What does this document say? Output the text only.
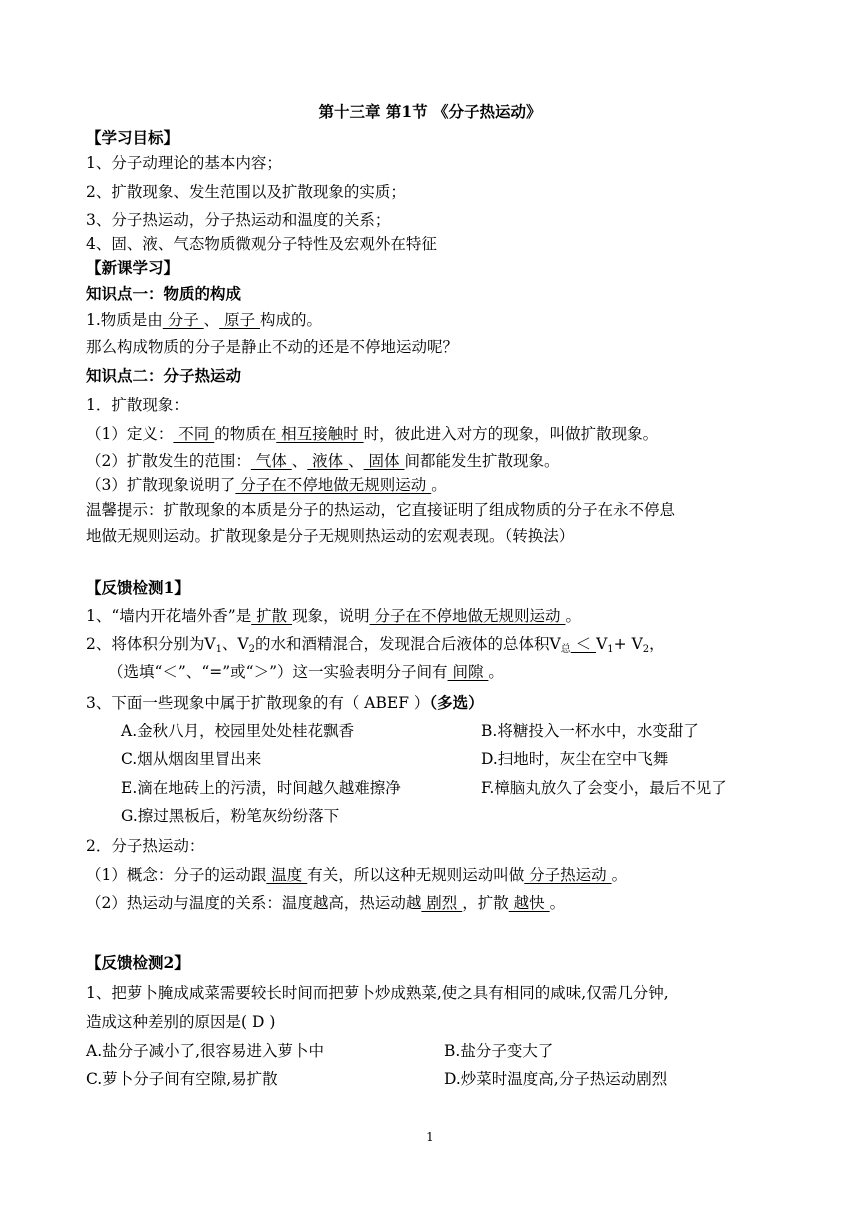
第十三章 第1节 《分子热运动》
【学习目标】
1、分子动理论的基本内容；
2、扩散现象、发生范围以及扩散现象的实质；
3、分子热运动，分子热运动和温度的关系；
4、固、液、气态物质微观分子特性及宏观外在特征
【新课学习】
知识点一：物质的构成
1.物质是由 分子 、 原子 构成的。
那么构成物质的分子是静止不动的还是不停地运动呢？
知识点二：分子热运动
1．扩散现象：
（1）定义： 不同 的物质在 相互接触时 时，彼此进入对方的现象，叫做扩散现象。
（2）扩散发生的范围： 气体 、 液体 、 固体 间都能发生扩散现象。
（3）扩散现象说明了 分子在不停地做无规则运动 。
温馨提示：扩散现象的本质是分子的热运动，它直接证明了组成物质的分子在永不停息
地做无规则运动。扩散现象是分子无规则热运动的宏观表现。（转换法）
【反馈检测1】
1、“墙内开花墙外香”是 扩散 现象，说明 分子在不停地做无规则运动 。
2、将体积分别为$V_1$、$V_2$的水和酒精混合，发现混合后液体的总体积$V_总 < V_1+ V_2$，
（选填“＜”、“=”或“＞”）这一实验表明分子间有 间隙 。
3、下面一些现象中属于扩散现象的有（ ABEF ）（多选）
A.金秋八月，校园里处处桂花飘香	B.将糖投入一杯水中，水变甜了
C.烟从烟囱里冒出来	D.扫地时，灰尘在空中飞舞
E.滴在地砖上的污渍，时间越久越难擦净	F.樟脑丸放久了会变小，最后不见了
G.擦过黑板后，粉笔灰纷纷落下
2．分子热运动：
（1）概念：分子的运动跟 温度 有关，所以这种无规则运动叫做 分子热运动 。
（2）热运动与温度的关系：温度越高，热运动越 剧烈 ，扩散 越快 。
【反馈检测2】
1、把萝卜腌成咸菜需要较长时间而把萝卜炒成熟菜,使之具有相同的咸味,仅需几分钟,
造成这种差别的原因是( D )
A.盐分子减小了,很容易进入萝卜中	B.盐分子变大了
C.萝卜分子间有空隙,易扩散	D.炒菜时温度高,分子热运动剧烈
1
